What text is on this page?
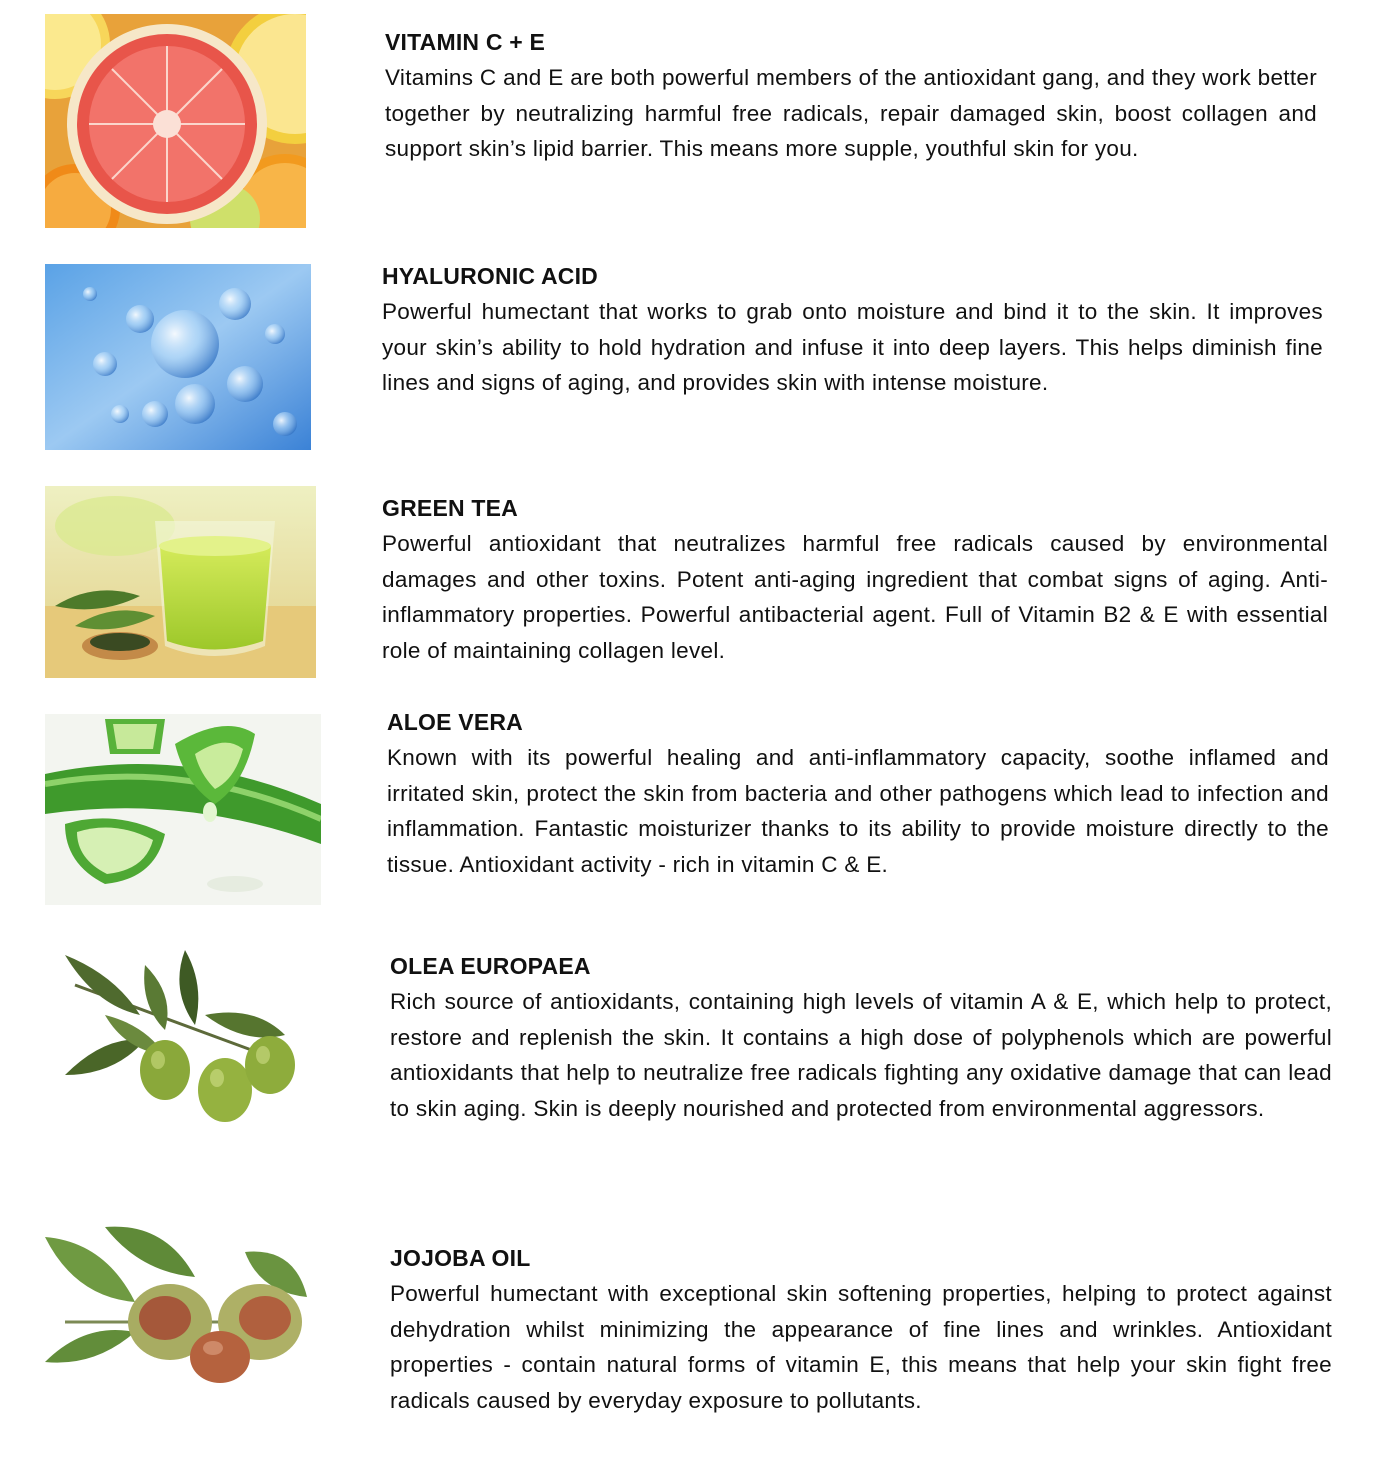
VITAMIN C + E

Vitamins C and E are both powerful members of the antioxidant gang, and they work better together by neutralizing harmful free radicals, repair damaged skin, boost collagen and support skin’s lipid barrier. This means more supple, youthful skin for you.

HYALURONIC ACID

Powerful humectant that works to grab onto moisture and bind it to the skin. It improves your skin’s ability to hold hydration and infuse it into deep layers. This helps diminish fine lines and signs of aging, and provides skin with intense moisture.

GREEN TEA

Powerful antioxidant that neutralizes harmful free radicals caused by environmental damages and other toxins. Potent anti-aging ingredient that combat signs of aging. Anti-inflammatory properties. Powerful antibacterial agent. Full of Vitamin B2 & E with essential role of maintaining collagen level.

ALOE VERA

Known with its powerful healing and anti-inflammatory capacity, soothe inflamed and irritated skin, protect the skin from bacteria and other pathogens which lead to infection and inflammation. Fantastic moisturizer thanks to its ability to provide moisture directly to the tissue. Antioxidant activity - rich in vitamin C & E.

OLEA EUROPAEA

Rich source of antioxidants, containing high levels of vitamin A & E, which help to protect, restore and replenish the skin. It contains a high dose of polyphenols which are powerful antioxidants that help to neutralize free radicals fighting any oxidative damage that can lead to skin aging. Skin is deeply nourished and protected from environmental aggressors.

JOJOBA OIL

Powerful humectant with exceptional skin softening properties, helping to protect against dehydration whilst minimizing the appearance of fine lines and wrinkles. Antioxidant properties - contain natural forms of vitamin E, this means that help your skin fight free radicals caused by everyday exposure to pollutants.
